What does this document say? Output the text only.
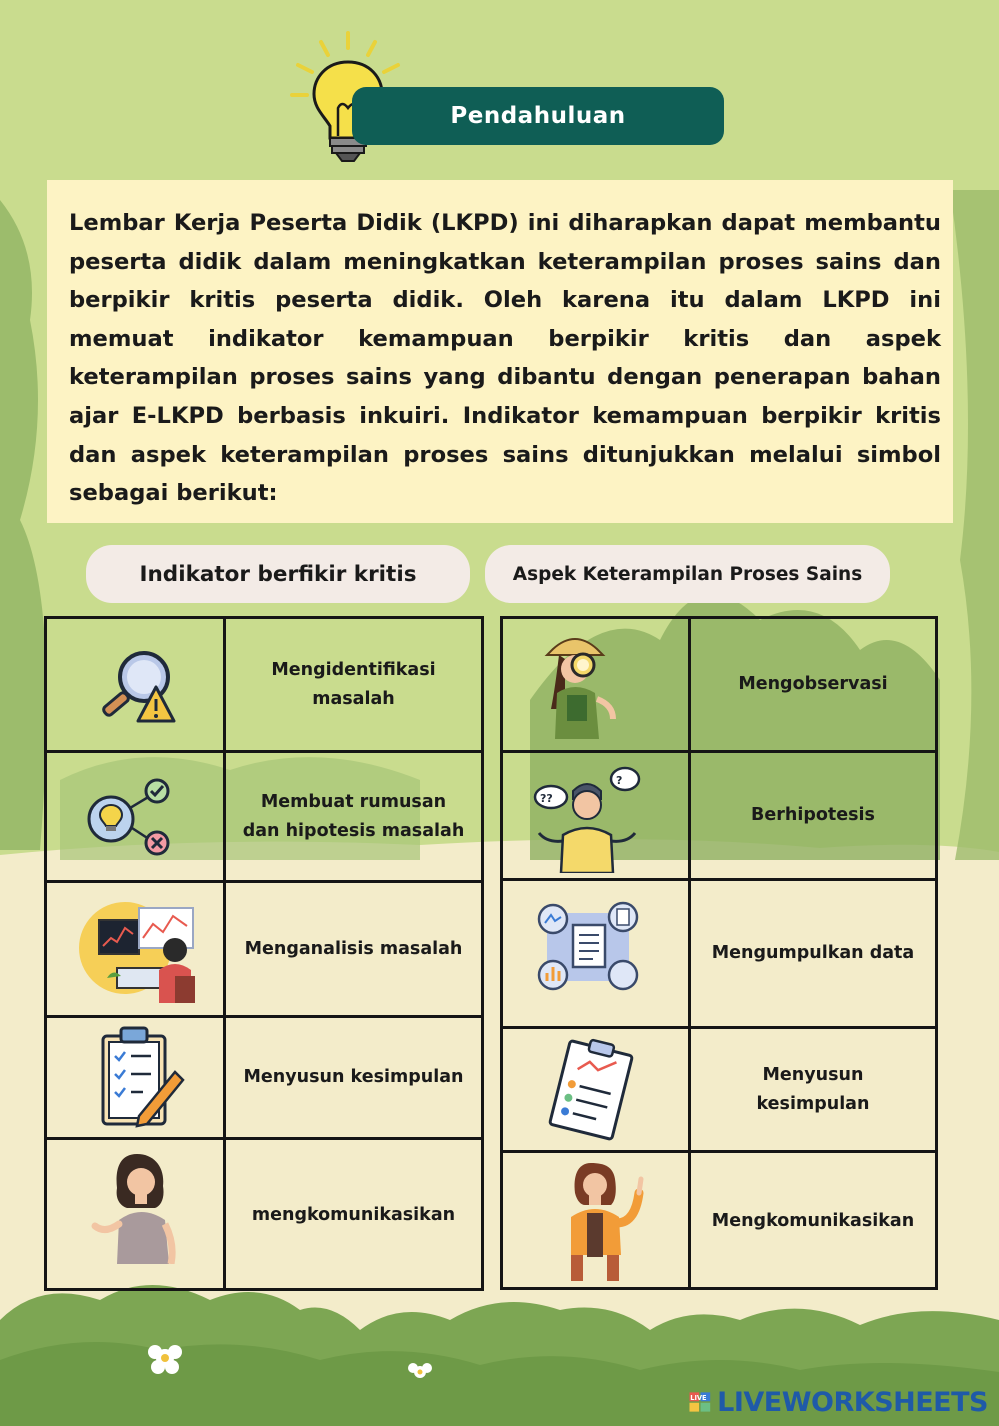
Pendahuluan

Lembar Kerja Peserta Didik (LKPD) ini diharapkan dapat membantu peserta didik dalam meningkatkan keterampilan proses sains dan berpikir kritis peserta didik. Oleh karena itu dalam LKPD ini memuat indikator kemampuan berpikir kritis dan aspek keterampilan proses sains yang dibantu dengan penerapan bahan ajar E-LKPD berbasis inkuiri. Indikator kemampuan berpikir kritis dan aspek keterampilan proses sains ditunjukkan melalui simbol sebagai berikut:

Indikator berfikir kritis	Aspek Keterampilan Proses Sains
Mengidentifikasi
masalah
Membuat rumusan
dan hipotesis masalah
Menganalisis masalah
Menyusun kesimpulan
mengkomunikasikan
Mengobservasi
??
?
Berhipotesis
Mengumpulkan data
Menyusun
kesimpulan
Mengkomunikasikan
LIVE LIVEWORKSHEETS
